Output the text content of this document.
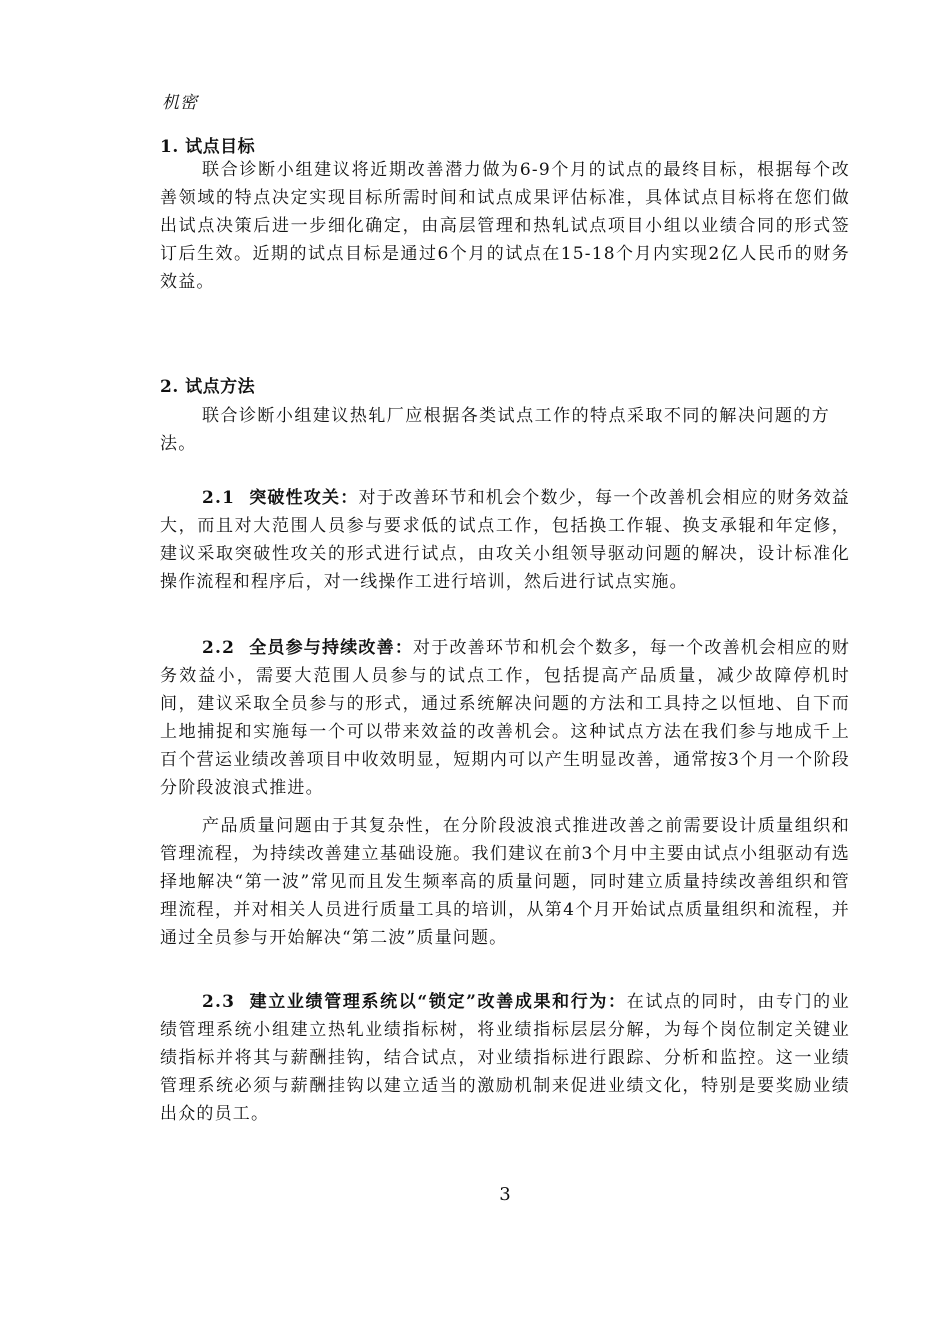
机密
1. 试点目标

联合诊断小组建议将近期改善潜力做为6-9个月的试点的最终目标，根据每个改善领域的特点决定实现目标所需时间和试点成果评估标准，具体试点目标将在您们做出试点决策后进一步细化确定，由高层管理和热轧试点项目小组以业绩合同的形式签订后生效。近期的试点目标是通过6个月的试点在15-18个月内实现2亿人民币的财务效益。

2. 试点方法

联合诊断小组建议热轧厂应根据各类试点工作的特点采取不同的解决问题的方法。

2.1 突破性攻关：对于改善环节和机会个数少，每一个改善机会相应的财务效益大，而且对大范围人员参与要求低的试点工作，包括换工作辊、换支承辊和年定修，建议采取突破性攻关的形式进行试点，由攻关小组领导驱动问题的解决，设计标准化操作流程和程序后，对一线操作工进行培训，然后进行试点实施。

2.2 全员参与持续改善：对于改善环节和机会个数多，每一个改善机会相应的财务效益小，需要大范围人员参与的试点工作，包括提高产品质量，减少故障停机时间，建议采取全员参与的形式，通过系统解决问题的方法和工具持之以恒地、自下而上地捕捉和实施每一个可以带来效益的改善机会。这种试点方法在我们参与地成千上百个营运业绩改善项目中收效明显，短期内可以产生明显改善，通常按3个月一个阶段分阶段波浪式推进。

产品质量问题由于其复杂性，在分阶段波浪式推进改善之前需要设计质量组织和管理流程，为持续改善建立基础设施。我们建议在前3个月中主要由试点小组驱动有选择地解决“第一波”常见而且发生频率高的质量问题，同时建立质量持续改善组织和管理流程，并对相关人员进行质量工具的培训，从第4个月开始试点质量组织和流程，并通过全员参与开始解决“第二波”质量问题。

2.3 建立业绩管理系统以“锁定”改善成果和行为：在试点的同时，由专门的业绩管理系统小组建立热轧业绩指标树，将业绩指标层层分解，为每个岗位制定关键业绩指标并将其与薪酬挂钩，结合试点，对业绩指标进行跟踪、分析和监控。这一业绩管理系统必须与薪酬挂钩以建立适当的激励机制来促进业绩文化，特别是要奖励业绩出众的员工。

3
